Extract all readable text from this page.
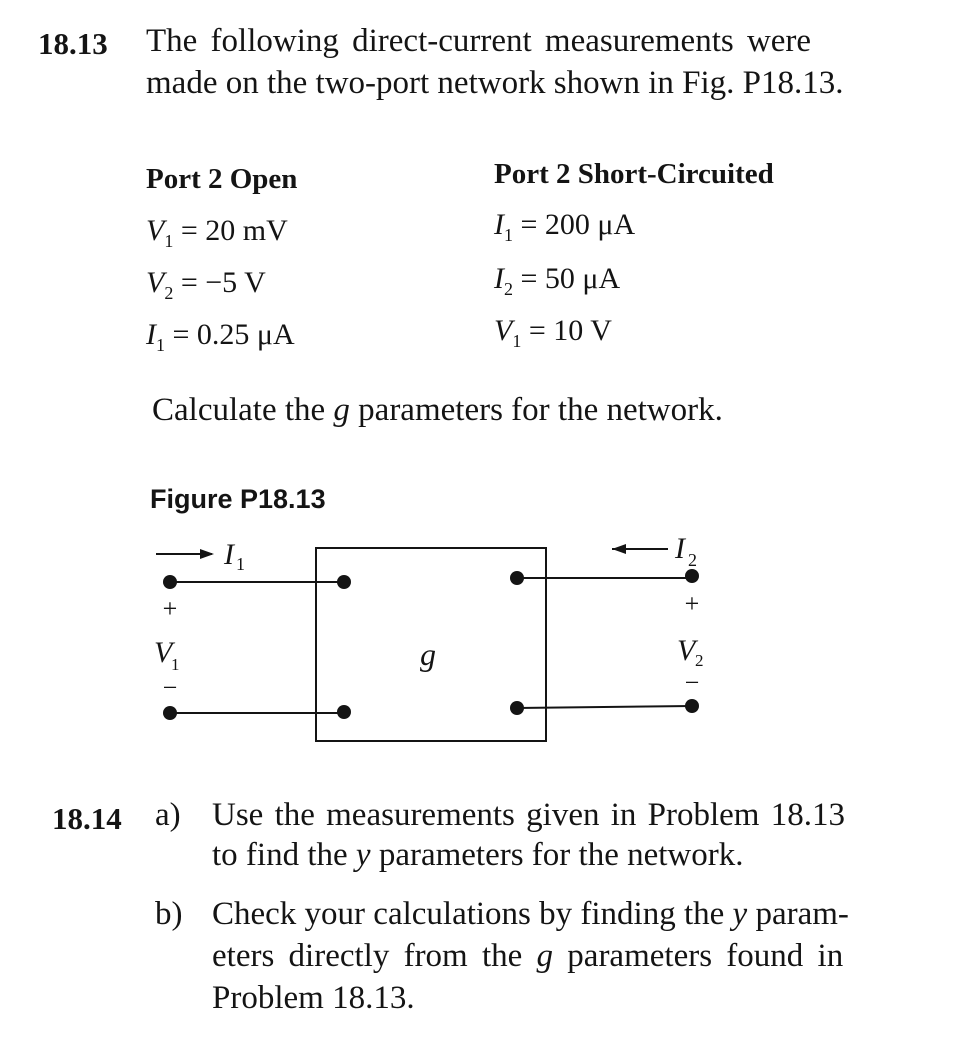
18.13 The following direct-current measurements were
made on the two-port network shown in Fig. P18.13.
Port 2 Open
$V_1 = 20$ mV
$V_2 = -5$ V
$I_1 = 0.25$ μA
Port 2 Short-Circuited
$I_1 = 200$ μA
$I_2 = 50$ μA
$V_1 = 10$ V
Calculate the g parameters for the network.
Figure P18.13
g
I 1	I 2
+
V
1
−
+
V 2
−
18.14 a) Use the measurements given in Problem 18.13
to find the y parameters for the network.
b) Check your calculations by finding the y param-
eters directly from the g parameters found in
Problem 18.13.
